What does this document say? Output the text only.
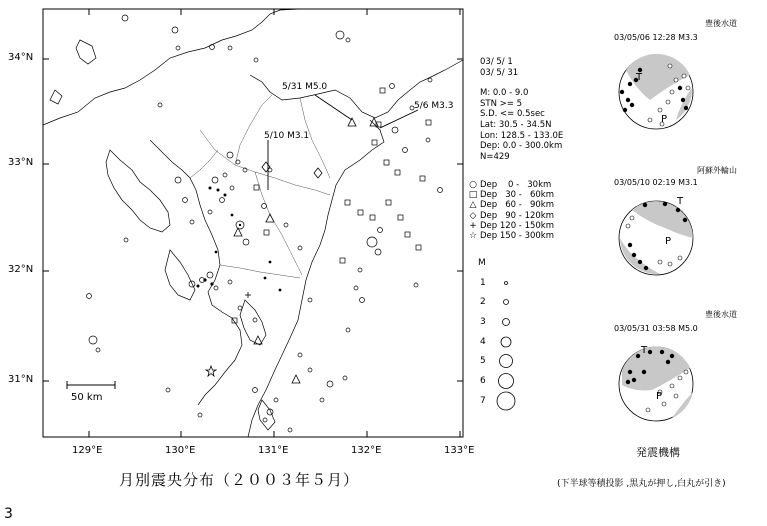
34°N
33°N
32°N
31°N
129°E	130°E	131°E	132°E	133°E
50 km
5/31 M5.0
5/10 M3.1
5/6 M3.3
03/ 5/ 1
03/ 5/ 31
M: 0.0 - 9.0
STN >= 5
S.D. <= 0.5sec
Lat: 30.5 - 34.5N
Lon: 128.5 - 133.0E
Dep: 0.0 - 300.0km
N=429
○ Dep    0 -   30km
□ Dep   30 -   60km
△ Dep   60 -   90km
◇ Dep   90 - 120km
+ Dep 120 - 150km
☆ Dep 150 - 300km
M
1
2
3
4
5
6
7
03/05/06 12:28 M3.3
豊後水道
T
P
03/05/10 02:19 M3.1
阿蘇外輪山
T
P
03/05/31 03:58 M5.0
豊後水道
T
P
月別震央分布（２００３年５月）
発震機構
(下半球等積投影 ,黒丸が押し,白丸が引き)
3
